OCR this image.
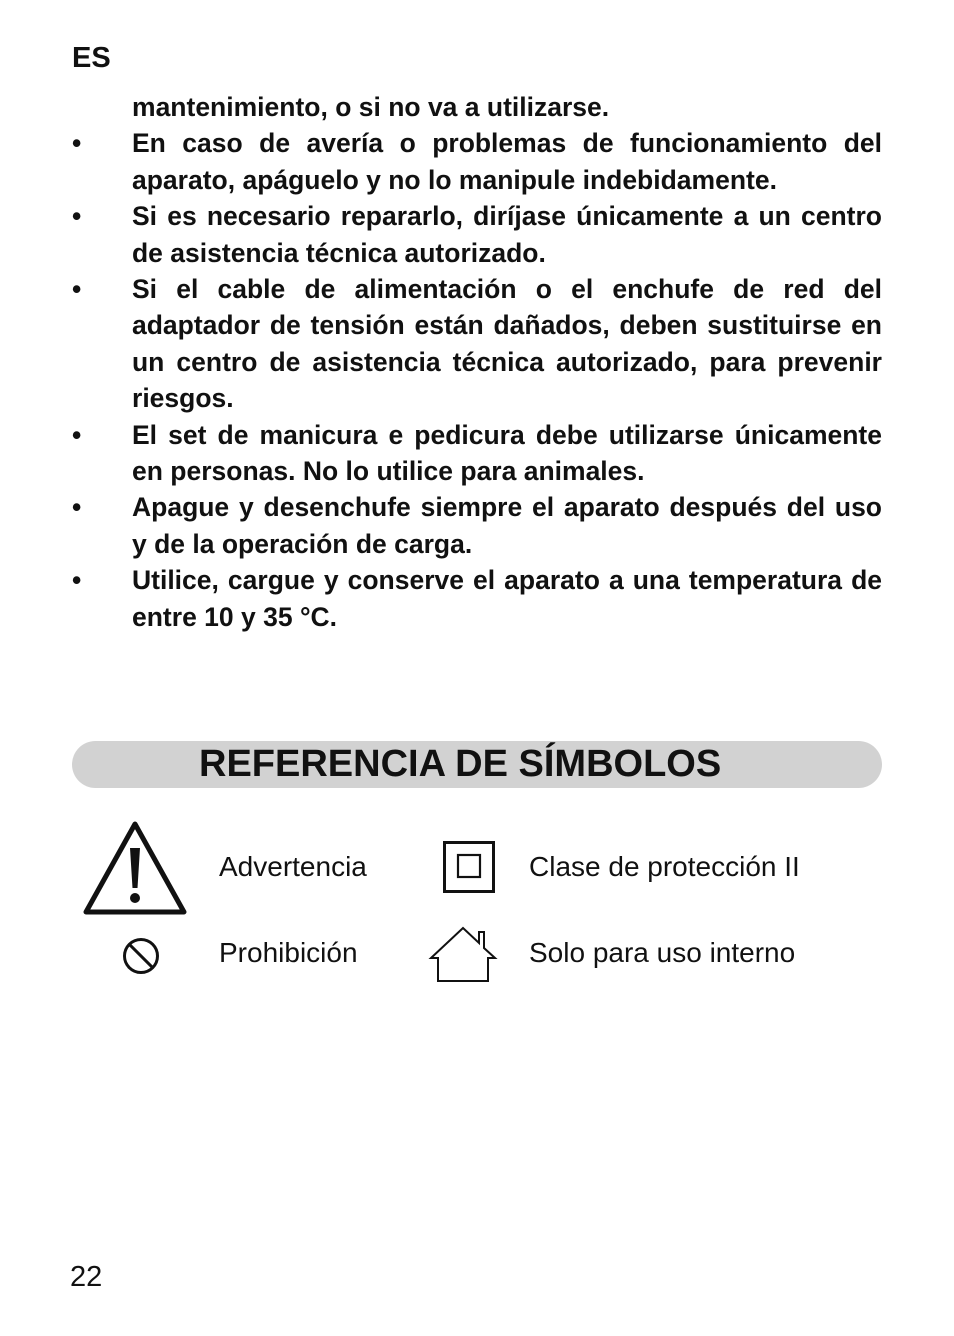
ES
mantenimiento, o si no va a utilizarse.
• En caso de avería o problemas de funcionamiento del aparato, apáguelo y no lo manipule indebidamente.
• Si es necesario repararlo, diríjase únicamente a un centro de asistencia técnica autorizado.
• Si el cable de alimentación o el enchufe de red del adaptador de tensión están dañados, deben sustituirse en un centro de asistencia técnica autorizado, para prevenir riesgos.
• El set de manicura e pedicura debe utilizarse únicamente en personas. No lo utilice para animales.
• Apague y desenchufe siempre el aparato después del uso y de la operación de carga.
• Utilice, cargue y conserve el aparato a una temperatura de entre 10 y 35 °C.
REFERENCIA DE SÍMBOLOS
Advertencia	Clase de protección II
Prohibición	Solo para uso interno
22
